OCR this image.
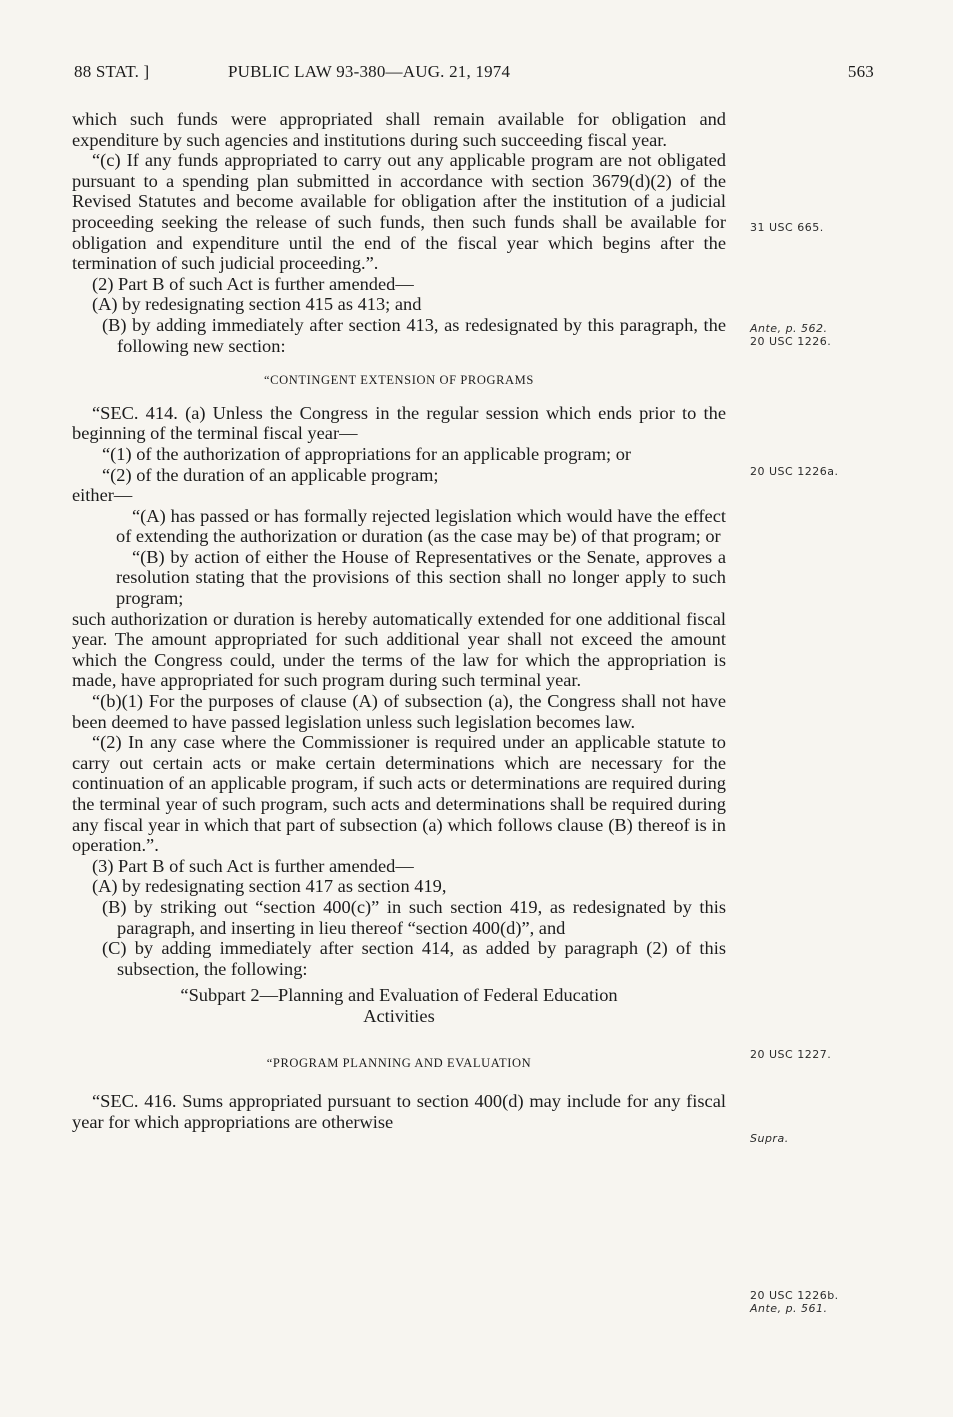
88 STAT. ]	PUBLIC LAW 93-380—AUG. 21, 1974	563

which such funds were appropriated shall remain available for obligation and expenditure by such agencies and institutions during such succeeding fiscal year.

“(c) If any funds appropriated to carry out any applicable program are not obligated pursuant to a spending plan submitted in accordance with section 3679(d)(2) of the Revised Statutes and become available for obligation after the institution of a judicial proceeding seeking the release of such funds, then such funds shall be available for obligation and expenditure until the end of the fiscal year which begins after the termination of such judicial proceeding.”.

(2) Part B of such Act is further amended—

(A) by redesignating section 415 as 413; and

(B) by adding immediately after section 413, as redesignated by this paragraph, the following new section:

“CONTINGENT EXTENSION OF PROGRAMS

“SEC. 414. (a) Unless the Congress in the regular session which ends prior to the beginning of the terminal fiscal year—

“(1) of the authorization of appropriations for an applicable program; or

“(2) of the duration of an applicable program;

either—

“(A) has passed or has formally rejected legislation which would have the effect of extending the authorization or duration (as the case may be) of that program; or

“(B) by action of either the House of Representatives or the Senate, approves a resolution stating that the provisions of this section shall no longer apply to such program;

such authorization or duration is hereby automatically extended for one additional fiscal year. The amount appropriated for such additional year shall not exceed the amount which the Congress could, under the terms of the law for which the appropriation is made, have appropriated for such program during such terminal year.

“(b)(1) For the purposes of clause (A) of subsection (a), the Congress shall not have been deemed to have passed legislation unless such legislation becomes law.

“(2) In any case where the Commissioner is required under an applicable statute to carry out certain acts or make certain determinations which are necessary for the continuation of an applicable program, if such acts or determinations are required during the terminal year of such program, such acts and determinations shall be required during any fiscal year in which that part of subsection (a) which follows clause (B) thereof is in operation.”.

(3) Part B of such Act is further amended—

(A) by redesignating section 417 as section 419,

(B) by striking out “section 400(c)” in such section 419, as redesignated by this paragraph, and inserting in lieu thereof “section 400(d)”, and

(C) by adding immediately after section 414, as added by paragraph (2) of this subsection, the following:

“Subpart 2—Planning and Evaluation of Federal Education

Activities

“PROGRAM PLANNING AND EVALUATION

“SEC. 416. Sums appropriated pursuant to section 400(d) may include for any fiscal year for which appropriations are otherwise

31 USC 665.
Ante, p. 562.
20 USC 1226.
20 USC 1226a.
20 USC 1227.
Supra.
20 USC 1226b.
Ante, p. 561.
